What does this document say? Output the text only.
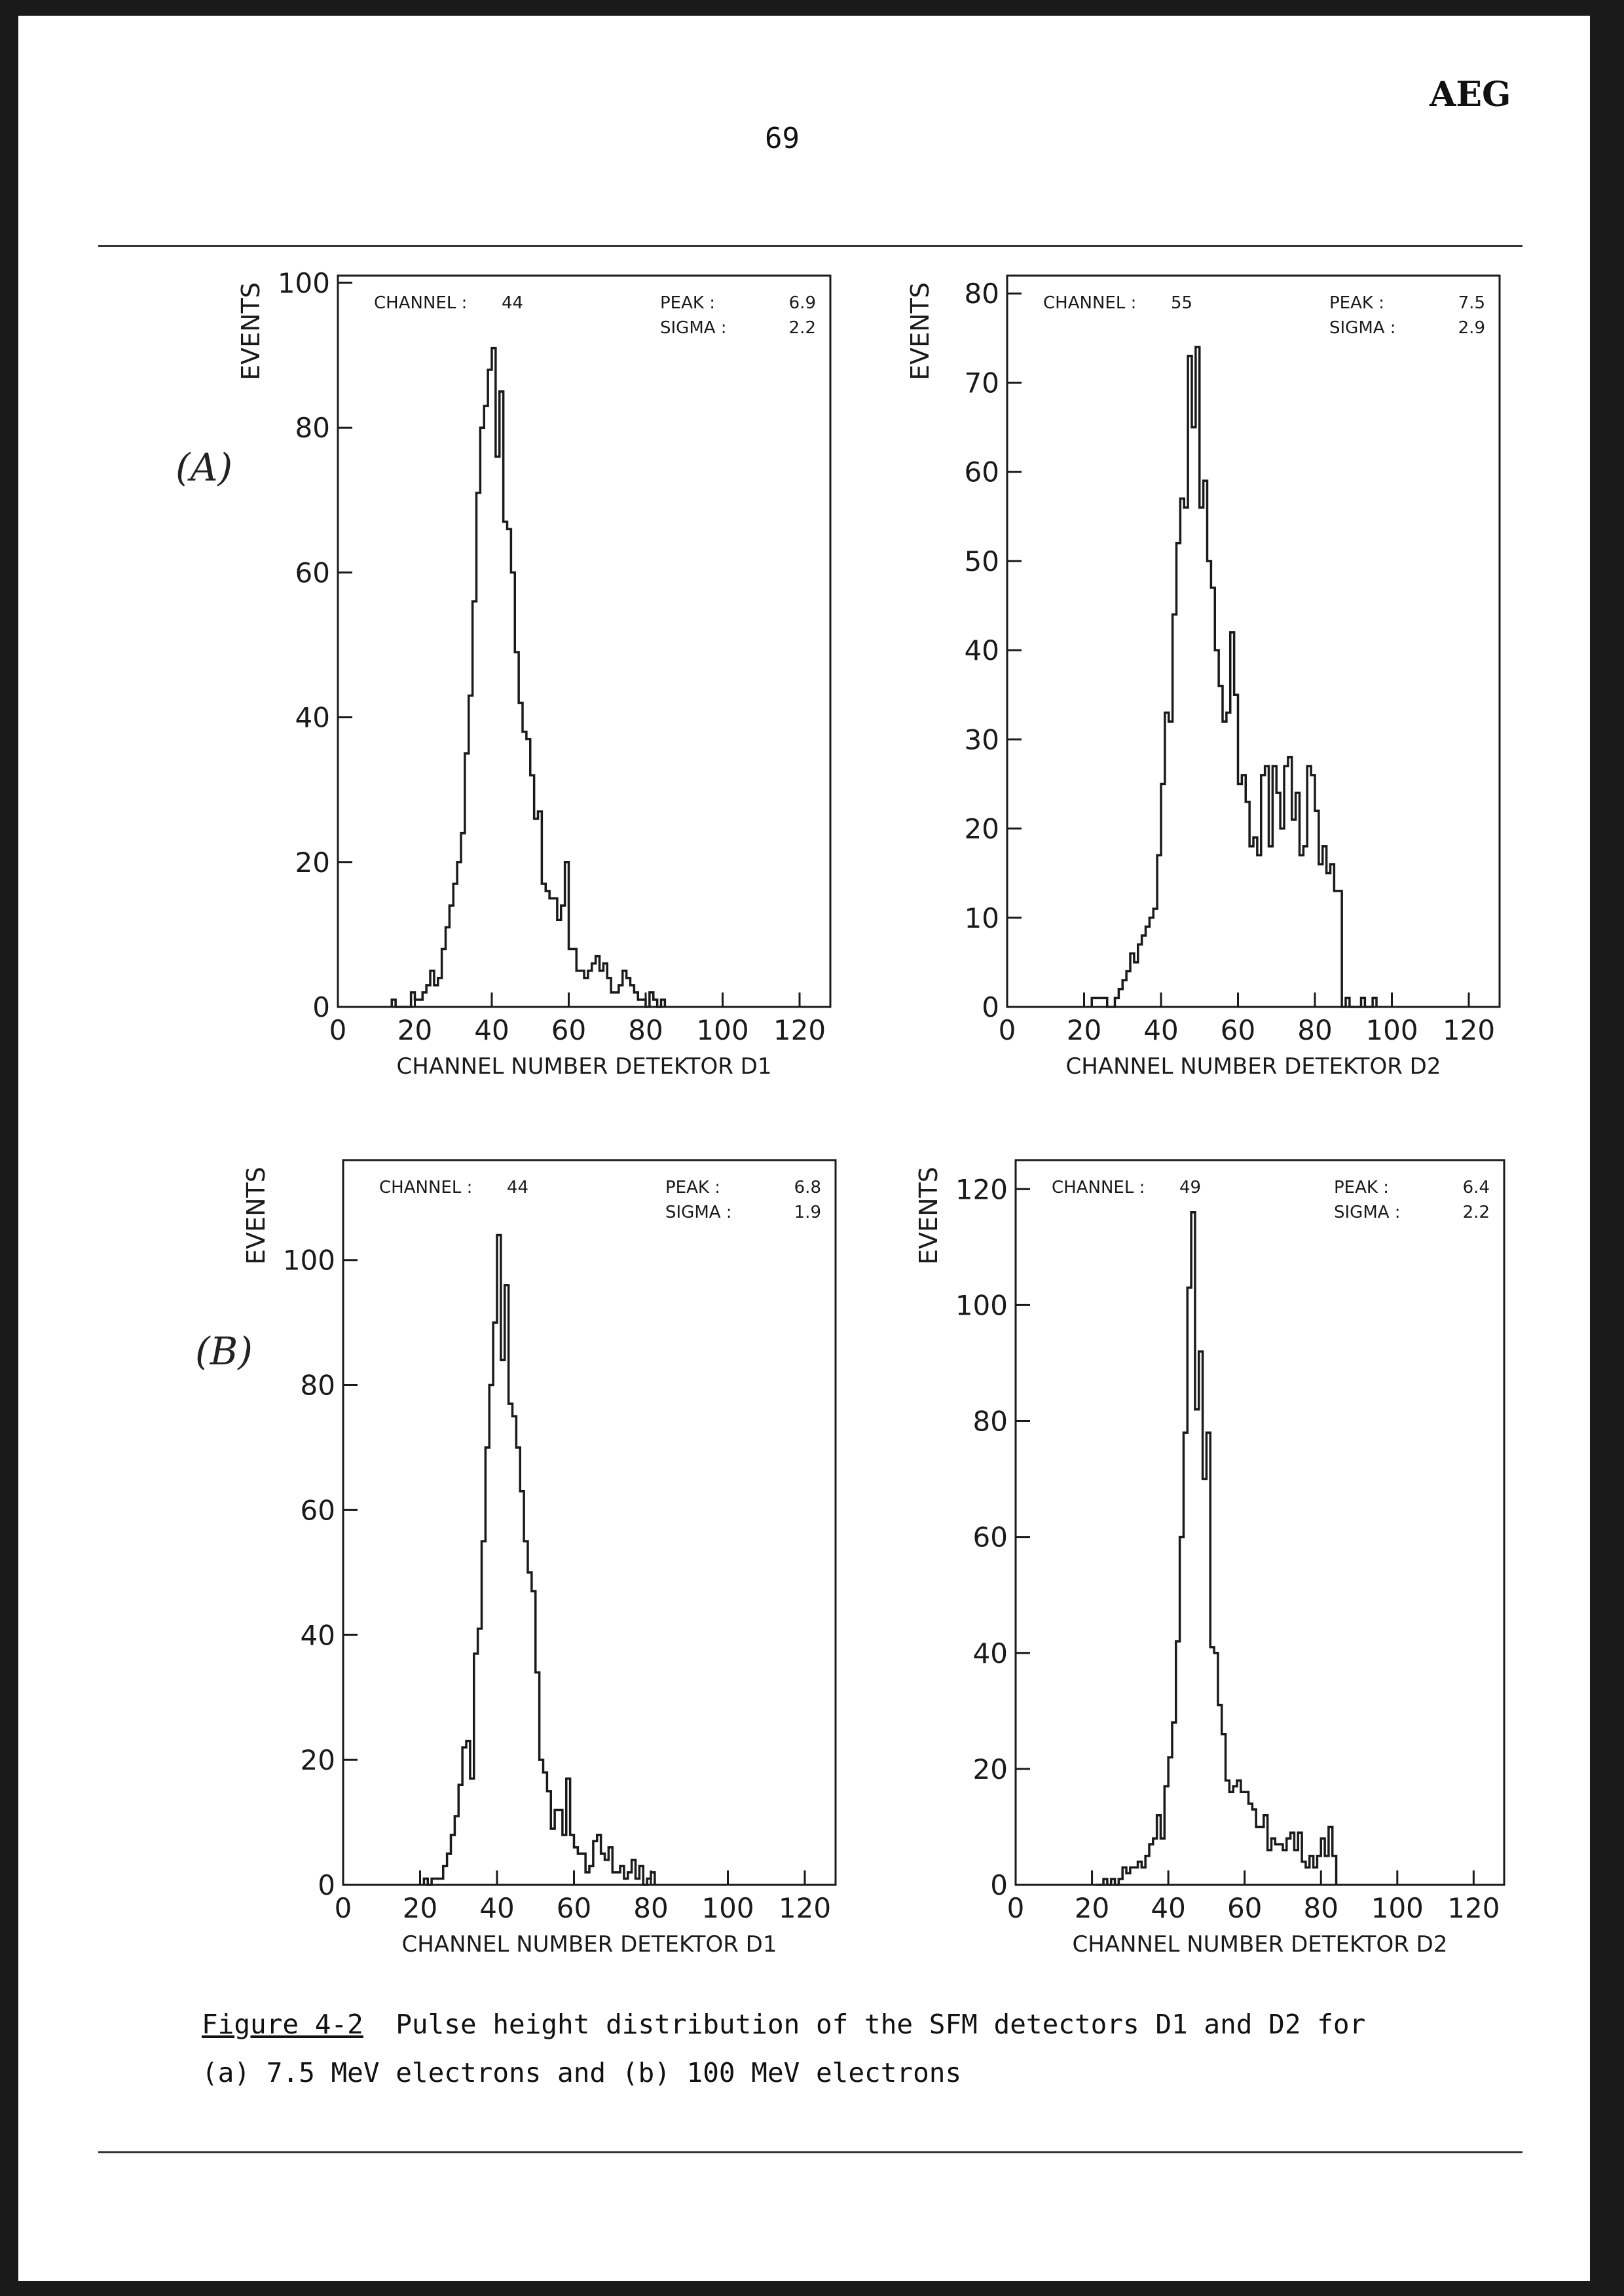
AEG
69
(A)
(B)
0 20 40 60 80 100 120
0
20
40
60
80
100
CHANNEL NUMBER DETEKTOR D1
EVENTS	CHANNEL : 44	PEAK :	6.9
SIGMA :	2.2
0 20 40 60 80 100 120
0
10
20
30
40
50
60
70
80
CHANNEL NUMBER DETEKTOR D2
EVENTS	CHANNEL : 55	PEAK :	7.5
SIGMA :	2.9
0 20 40 60 80 100 120
0
20
40
60
80
100
CHANNEL NUMBER DETEKTOR D1
EVENTS	CHANNEL : 44	PEAK :	6.8
SIGMA :	1.9
0 20 40 60 80 100 120
0
20
40
60
80
100
120
CHANNEL NUMBER DETEKTOR D2
EVENTS	CHANNEL : 49	PEAK :	6.4
SIGMA :	2.2
Figure 4-2  Pulse height distribution of the SFM detectors D1 and D2 for
(a) 7.5 MeV electrons and (b) 100 MeV electrons
